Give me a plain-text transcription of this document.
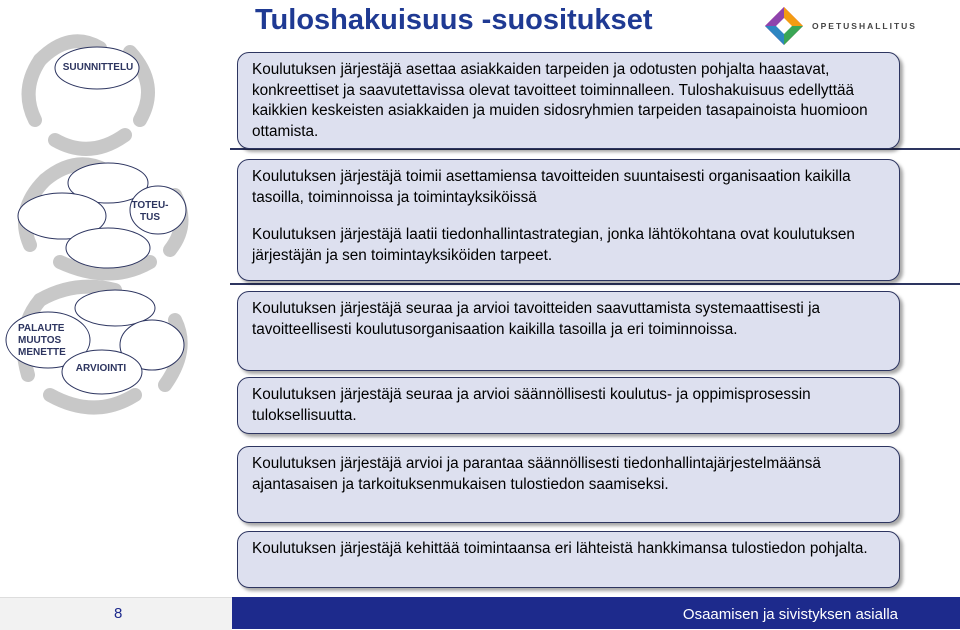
Tuloshakuisuus -suositukset	OPETUSHALLITUS
SUUNNITTELU
TOTEU-
TUS
ARVIOINTI
PALAUTE
MUUTOS
MENETTE

Koulutuksen järjestäjä asettaa asiakkaiden tarpeiden ja odotusten pohjalta haastavat, konkreettiset ja saavutettavissa olevat tavoitteet toiminnalleen. Tuloshakuisuus edellyttää kaikkien keskeisten asiakkaiden ja muiden sidosryhmien tarpeiden tasapainoista huomioon ottamista.

Koulutuksen järjestäjä toimii asettamiensa tavoitteiden suuntaisesti organisaation kaikilla tasoilla, toiminnoissa ja toimintayksiköissä

Koulutuksen järjestäjä laatii tiedonhallintastrategian, jonka lähtökohtana ovat koulutuksen järjestäjän ja sen toimintayksiköiden tarpeet.

Koulutuksen järjestäjä seuraa ja arvioi tavoitteiden saavuttamista systemaattisesti ja tavoitteellisesti koulutusorganisaation kaikilla tasoilla ja eri toiminnoissa.

Koulutuksen järjestäjä seuraa ja arvioi säännöllisesti koulutus- ja oppimisprosessin tuloksellisuutta.

Koulutuksen järjestäjä arvioi ja parantaa säännöllisesti tiedonhallintajärjestelmäänsä ajantasaisen ja tarkoituksenmukaisen tulostiedon saamiseksi.

Koulutuksen järjestäjä kehittää toimintaansa eri lähteistä hankkimansa tulostiedon pohjalta.

8	Osaamisen ja sivistyksen asialla
